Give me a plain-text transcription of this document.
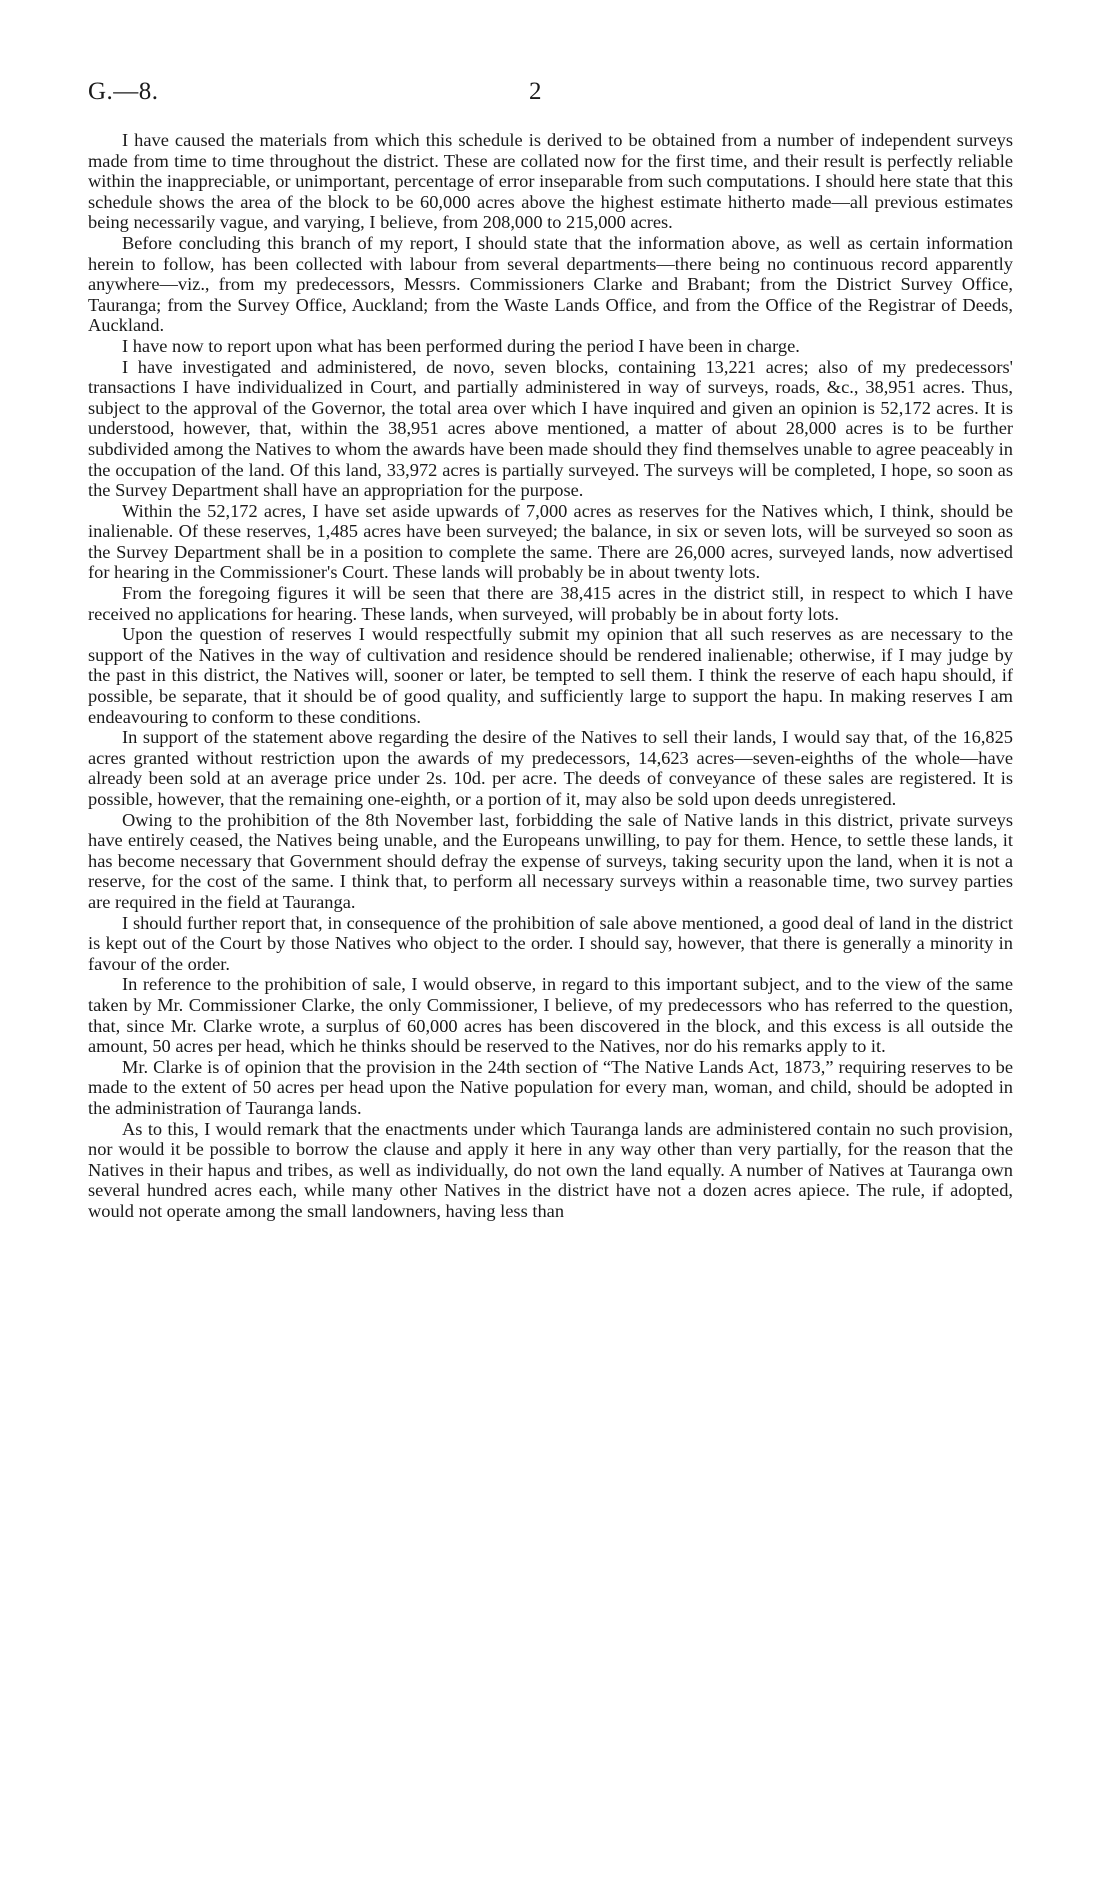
G.—8.	2

I have caused the materials from which this schedule is derived to be obtained from a number of independent surveys made from time to time throughout the district. These are collated now for the first time, and their result is perfectly reliable within the inappreciable, or unimportant, percentage of error inseparable from such computations. I should here state that this schedule shows the area of the block to be 60,000 acres above the highest estimate hitherto made—all previous estimates being necessarily vague, and varying, I believe, from 208,000 to 215,000 acres.

Before concluding this branch of my report, I should state that the information above, as well as certain information herein to follow, has been collected with labour from several departments—there being no continuous record apparently anywhere—viz., from my predecessors, Messrs. Commissioners Clarke and Brabant; from the District Survey Office, Tauranga; from the Survey Office, Auckland; from the Waste Lands Office, and from the Office of the Registrar of Deeds, Auckland.

I have now to report upon what has been performed during the period I have been in charge.

I have investigated and administered, de novo, seven blocks, containing 13,221 acres; also of my predecessors' transactions I have individualized in Court, and partially administered in way of surveys, roads, &c., 38,951 acres. Thus, subject to the approval of the Governor, the total area over which I have inquired and given an opinion is 52,172 acres. It is understood, however, that, within the 38,951 acres above mentioned, a matter of about 28,000 acres is to be further subdivided among the Natives to whom the awards have been made should they find themselves unable to agree peaceably in the occupation of the land. Of this land, 33,972 acres is partially surveyed. The surveys will be completed, I hope, so soon as the Survey Department shall have an appropriation for the purpose.

Within the 52,172 acres, I have set aside upwards of 7,000 acres as reserves for the Natives which, I think, should be inalienable. Of these reserves, 1,485 acres have been surveyed; the balance, in six or seven lots, will be surveyed so soon as the Survey Department shall be in a position to complete the same. There are 26,000 acres, surveyed lands, now advertised for hearing in the Commissioner's Court. These lands will probably be in about twenty lots.

From the foregoing figures it will be seen that there are 38,415 acres in the district still, in respect to which I have received no applications for hearing. These lands, when surveyed, will probably be in about forty lots.

Upon the question of reserves I would respectfully submit my opinion that all such reserves as are necessary to the support of the Natives in the way of cultivation and residence should be rendered inalienable; otherwise, if I may judge by the past in this district, the Natives will, sooner or later, be tempted to sell them. I think the reserve of each hapu should, if possible, be separate, that it should be of good quality, and sufficiently large to support the hapu. In making reserves I am endeavouring to conform to these conditions.

In support of the statement above regarding the desire of the Natives to sell their lands, I would say that, of the 16,825 acres granted without restriction upon the awards of my predecessors, 14,623 acres—seven-eighths of the whole—have already been sold at an average price under 2s. 10d. per acre. The deeds of conveyance of these sales are registered. It is possible, however, that the remaining one-eighth, or a portion of it, may also be sold upon deeds unregistered.

Owing to the prohibition of the 8th November last, forbidding the sale of Native lands in this district, private surveys have entirely ceased, the Natives being unable, and the Europeans unwilling, to pay for them. Hence, to settle these lands, it has become necessary that Government should defray the expense of surveys, taking security upon the land, when it is not a reserve, for the cost of the same. I think that, to perform all necessary surveys within a reasonable time, two survey parties are required in the field at Tauranga.

I should further report that, in consequence of the prohibition of sale above mentioned, a good deal of land in the district is kept out of the Court by those Natives who object to the order. I should say, however, that there is generally a minority in favour of the order.

In reference to the prohibition of sale, I would observe, in regard to this important subject, and to the view of the same taken by Mr. Commissioner Clarke, the only Commissioner, I believe, of my predecessors who has referred to the question, that, since Mr. Clarke wrote, a surplus of 60,000 acres has been discovered in the block, and this excess is all outside the amount, 50 acres per head, which he thinks should be reserved to the Natives, nor do his remarks apply to it.

Mr. Clarke is of opinion that the provision in the 24th section of “The Native Lands Act, 1873,” requiring reserves to be made to the extent of 50 acres per head upon the Native population for every man, woman, and child, should be adopted in the administration of Tauranga lands.

As to this, I would remark that the enactments under which Tauranga lands are administered contain no such provision, nor would it be possible to borrow the clause and apply it here in any way other than very partially, for the reason that the Natives in their hapus and tribes, as well as individually, do not own the land equally. A number of Natives at Tauranga own several hundred acres each, while many other Natives in the district have not a dozen acres apiece. The rule, if adopted, would not operate among the small landowners, having less than
